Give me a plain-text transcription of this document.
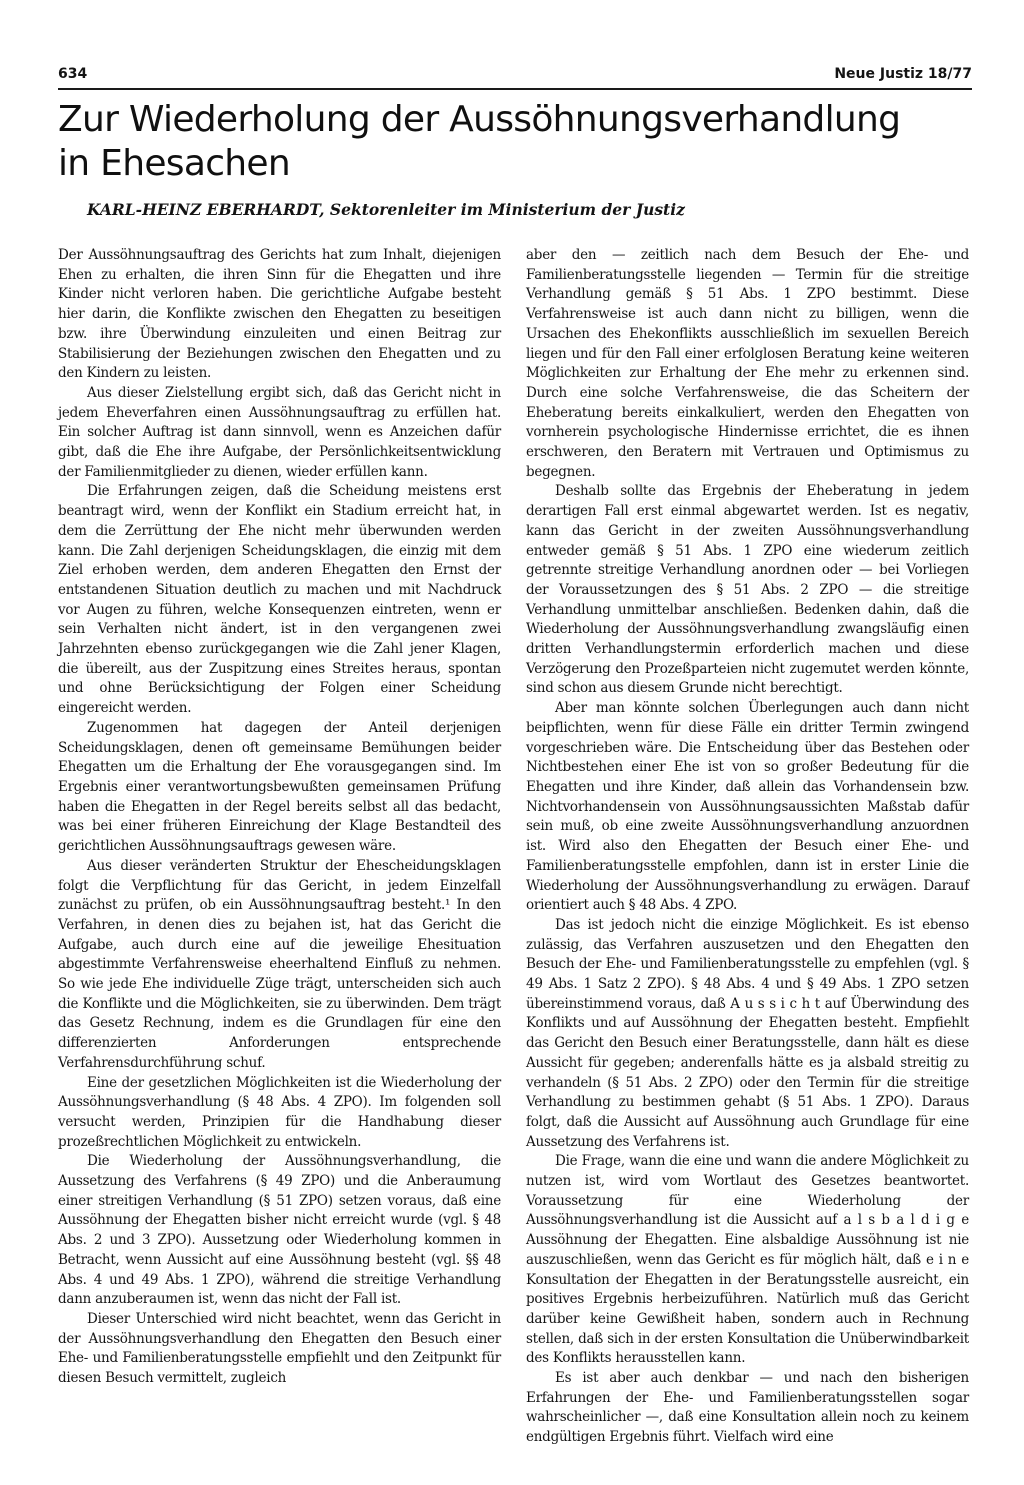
634	Neue Justiz 18/77
Zur Wiederholung der Aussöhnungsverhandlung
in Ehesachen
KARL-HEINZ EBERHARDT, Sektorenleiter im Ministerium der Justiz

Der Aussöhnungsauftrag des Gerichts hat zum Inhalt, diejenigen Ehen zu erhalten, die ihren Sinn für die Ehegatten und ihre Kinder nicht verloren haben. Die gerichtliche Aufgabe besteht hier darin, die Konflikte zwischen den Ehegatten zu beseitigen bzw. ihre Überwindung einzuleiten und einen Beitrag zur Stabilisierung der Beziehungen zwischen den Ehegatten und zu den Kindern zu leisten.

Aus dieser Zielstellung ergibt sich, daß das Gericht nicht in jedem Eheverfahren einen Aussöhnungsauftrag zu erfüllen hat. Ein solcher Auftrag ist dann sinnvoll, wenn es Anzeichen dafür gibt, daß die Ehe ihre Aufgabe, der Persönlichkeitsentwicklung der Familienmitglieder zu dienen, wieder erfüllen kann.

Die Erfahrungen zeigen, daß die Scheidung meistens erst beantragt wird, wenn der Konflikt ein Stadium erreicht hat, in dem die Zerrüttung der Ehe nicht mehr überwunden werden kann. Die Zahl derjenigen Scheidungsklagen, die einzig mit dem Ziel erhoben werden, dem anderen Ehegatten den Ernst der entstandenen Situation deutlich zu machen und mit Nachdruck vor Augen zu führen, welche Konsequenzen eintreten, wenn er sein Verhalten nicht ändert, ist in den vergangenen zwei Jahrzehnten ebenso zurückgegangen wie die Zahl jener Klagen, die übereilt, aus der Zuspitzung eines Streites heraus, spontan und ohne Berücksichtigung der Folgen einer Scheidung eingereicht werden.

Zugenommen hat dagegen der Anteil derjenigen Scheidungsklagen, denen oft gemeinsame Bemühungen beider Ehegatten um die Erhaltung der Ehe vorausgegangen sind. Im Ergebnis einer verantwortungsbewußten gemeinsamen Prüfung haben die Ehegatten in der Regel bereits selbst all das bedacht, was bei einer früheren Einreichung der Klage Bestandteil des gerichtlichen Aussöhnungsauftrags gewesen wäre.

Aus dieser veränderten Struktur der Ehescheidungsklagen folgt die Verpflichtung für das Gericht, in jedem Einzelfall zunächst zu prüfen, ob ein Aussöhnungsauftrag besteht.¹ In den Verfahren, in denen dies zu bejahen ist, hat das Gericht die Aufgabe, auch durch eine auf die jeweilige Ehesituation abgestimmte Verfahrensweise eheerhaltend Einfluß zu nehmen. So wie jede Ehe individuelle Züge trägt, unterscheiden sich auch die Konflikte und die Möglichkeiten, sie zu überwinden. Dem trägt das Gesetz Rechnung, indem es die Grundlagen für eine den differenzierten Anforderungen entsprechende Verfahrensdurchführung schuf.

Eine der gesetzlichen Möglichkeiten ist die Wiederholung der Aussöhnungsverhandlung (§ 48 Abs. 4 ZPO). Im folgenden soll versucht werden, Prinzipien für die Handhabung dieser prozeßrechtlichen Möglichkeit zu entwickeln.

Die Wiederholung der Aussöhnungsverhandlung, die Aussetzung des Verfahrens (§ 49 ZPO) und die Anberaumung einer streitigen Verhandlung (§ 51 ZPO) setzen voraus, daß eine Aussöhnung der Ehegatten bisher nicht erreicht wurde (vgl. § 48 Abs. 2 und 3 ZPO). Aussetzung oder Wiederholung kommen in Betracht, wenn Aussicht auf eine Aussöhnung besteht (vgl. §§ 48 Abs. 4 und 49 Abs. 1 ZPO), während die streitige Verhandlung dann anzuberaumen ist, wenn das nicht der Fall ist.

Dieser Unterschied wird nicht beachtet, wenn das Gericht in der Aussöhnungsverhandlung den Ehegatten den Besuch einer Ehe- und Familienberatungsstelle empfiehlt und den Zeitpunkt für diesen Besuch vermittelt, zugleich

aber den — zeitlich nach dem Besuch der Ehe- und Familienberatungsstelle liegenden — Termin für die streitige Verhandlung gemäß § 51 Abs. 1 ZPO bestimmt. Diese Verfahrensweise ist auch dann nicht zu billigen, wenn die Ursachen des Ehekonflikts ausschließlich im sexuellen Bereich liegen und für den Fall einer erfolglosen Beratung keine weiteren Möglichkeiten zur Erhaltung der Ehe mehr zu erkennen sind. Durch eine solche Verfahrensweise, die das Scheitern der Eheberatung bereits einkalkuliert, werden den Ehegatten von vornherein psychologische Hindernisse errichtet, die es ihnen erschweren, den Beratern mit Vertrauen und Optimismus zu begegnen.

Deshalb sollte das Ergebnis der Eheberatung in jedem derartigen Fall erst einmal abgewartet werden. Ist es negativ, kann das Gericht in der zweiten Aussöhnungsverhandlung entweder gemäß § 51 Abs. 1 ZPO eine wiederum zeitlich getrennte streitige Verhandlung anordnen oder — bei Vorliegen der Voraussetzungen des § 51 Abs. 2 ZPO — die streitige Verhandlung unmittelbar anschließen. Bedenken dahin, daß die Wiederholung der Aussöhnungsverhandlung zwangsläufig einen dritten Verhandlungstermin erforderlich machen und diese Verzögerung den Prozeßparteien nicht zugemutet werden könnte, sind schon aus diesem Grunde nicht berechtigt.

Aber man könnte solchen Überlegungen auch dann nicht beipflichten, wenn für diese Fälle ein dritter Termin zwingend vorgeschrieben wäre. Die Entscheidung über das Bestehen oder Nichtbestehen einer Ehe ist von so großer Bedeutung für die Ehegatten und ihre Kinder, daß allein das Vorhandensein bzw. Nichtvorhandensein von Aussöhnungsaussichten Maßstab dafür sein muß, ob eine zweite Aussöhnungsverhandlung anzuordnen ist. Wird also den Ehegatten der Besuch einer Ehe- und Familienberatungsstelle empfohlen, dann ist in erster Linie die Wiederholung der Aussöhnungsverhandlung zu erwägen. Darauf orientiert auch § 48 Abs. 4 ZPO.

Das ist jedoch nicht die einzige Möglichkeit. Es ist ebenso zulässig, das Verfahren auszusetzen und den Ehegatten den Besuch der Ehe- und Familienberatungsstelle zu empfehlen (vgl. § 49 Abs. 1 Satz 2 ZPO). § 48 Abs. 4 und § 49 Abs. 1 ZPO setzen übereinstimmend voraus, daß A u s s i c h t auf Überwindung des Konflikts und auf Aussöhnung der Ehegatten besteht. Empfiehlt das Gericht den Besuch einer Beratungsstelle, dann hält es diese Aussicht für gegeben; anderenfalls hätte es ja alsbald streitig zu verhandeln (§ 51 Abs. 2 ZPO) oder den Termin für die streitige Verhandlung zu bestimmen gehabt (§ 51 Abs. 1 ZPO). Daraus folgt, daß die Aussicht auf Aussöhnung auch Grundlage für eine Aussetzung des Verfahrens ist.

Die Frage, wann die eine und wann die andere Möglichkeit zu nutzen ist, wird vom Wortlaut des Gesetzes beantwortet. Voraussetzung für eine Wiederholung der Aussöhnungsverhandlung ist die Aussicht auf a l s b a l d i g e Aussöhnung der Ehegatten. Eine alsbaldige Aussöhnung ist nie auszuschließen, wenn das Gericht es für möglich hält, daß e i n e Konsultation der Ehegatten in der Beratungsstelle ausreicht, ein positives Ergebnis herbeizuführen. Natürlich muß das Gericht darüber keine Gewißheit haben, sondern auch in Rechnung stellen, daß sich in der ersten Konsultation die Unüberwindbarkeit des Konflikts herausstellen kann.

Es ist aber auch denkbar — und nach den bisherigen Erfahrungen der Ehe- und Familienberatungsstellen sogar wahrscheinlicher —, daß eine Konsultation allein noch zu keinem endgültigen Ergebnis führt. Vielfach wird eine
